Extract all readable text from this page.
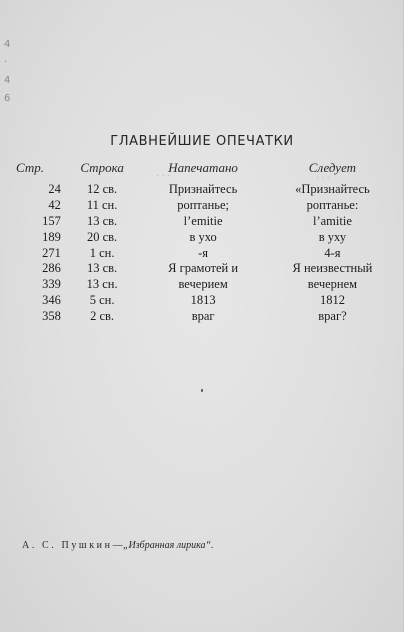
4
·
4
6
ГЛАВНЕЙШИЕ ОПЕЧАТКИ
· · ·	· · ·
Стр.	Строка	Напечатано	Следует
24	12 св.	Признайтесь	«Признайтесь
42	11 сн.	роптанье;	роптанье:
157	13 св.	l’emitie	l’amitie
189	20 св.	в ухо	в уху
271	1 сн.	-я	4-я
286	13 св.	Я грамотей и	Я неизвестный
339	13 сн.	вечерием	вечернем
346	5 сн.	1813	1812
358	2 св.	враг	враг?
А. С. Пушкин—„Избранная лирика“.
